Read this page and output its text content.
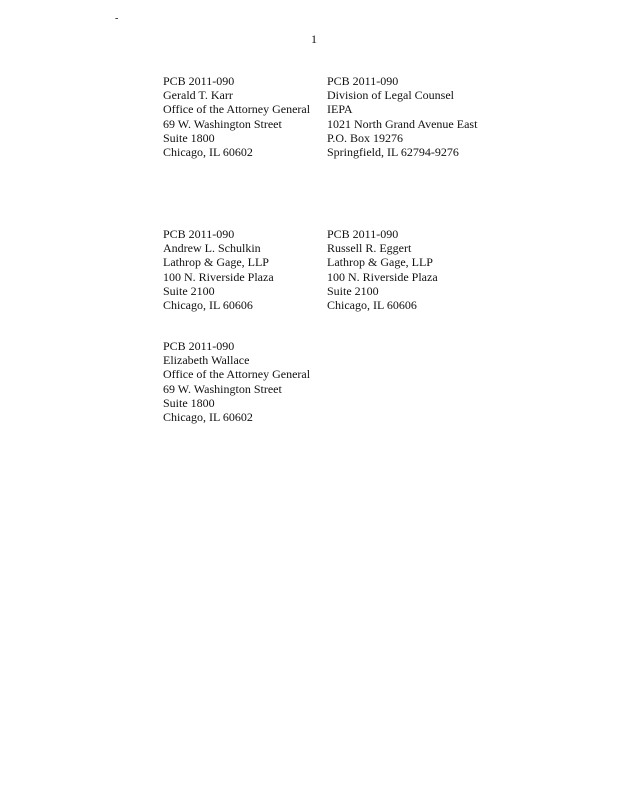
-
1
PCB 2011-090
Gerald T. Karr
Office of the Attorney General
69 W. Washington Street
Suite 1800
Chicago, IL 60602
PCB 2011-090
Division of Legal Counsel
IEPA
1021 North Grand Avenue East
P.O. Box 19276
Springfield, IL 62794-9276
PCB 2011-090
Andrew L. Schulkin
Lathrop & Gage, LLP
100 N. Riverside Plaza
Suite 2100
Chicago, IL 60606
PCB 2011-090
Russell R. Eggert
Lathrop & Gage, LLP
100 N. Riverside Plaza
Suite 2100
Chicago, IL 60606
PCB 2011-090
Elizabeth Wallace
Office of the Attorney General
69 W. Washington Street
Suite 1800
Chicago, IL 60602
